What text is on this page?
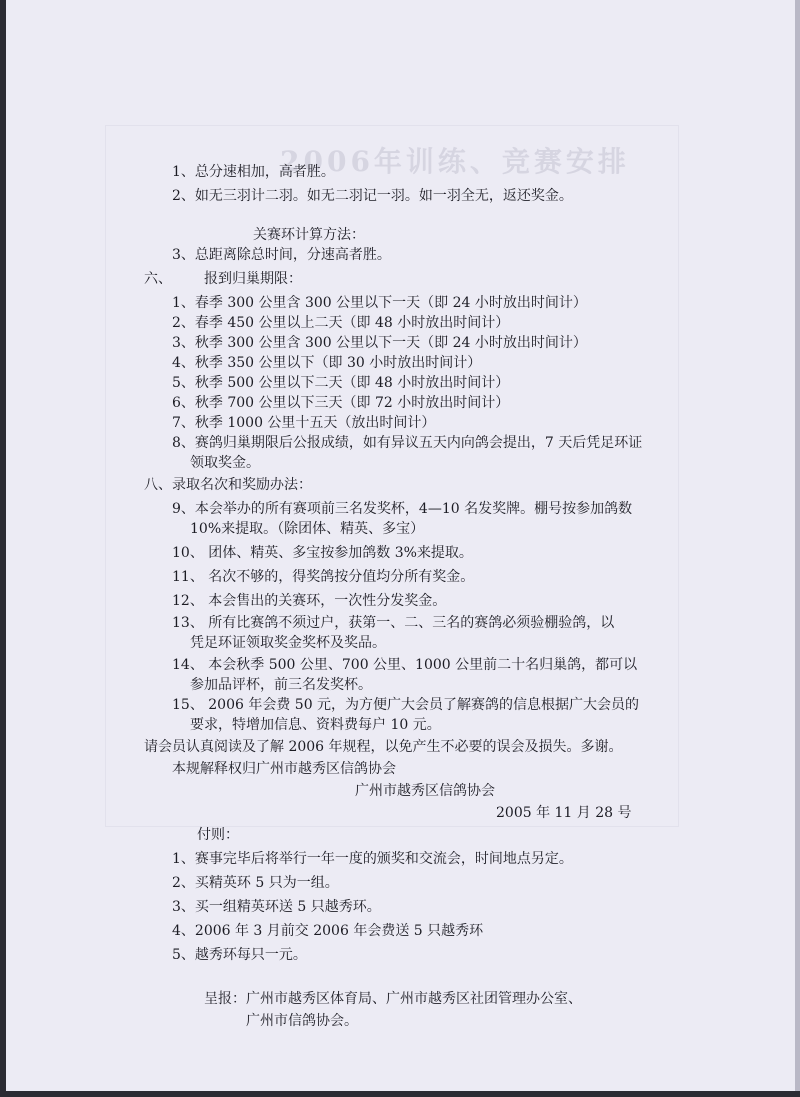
2006年训练、竞赛安排
1、总分速相加，高者胜。
2、如无三羽计二羽。如无二羽记一羽。如一羽全无，返还奖金。
关赛环计算方法：
3、总距离除总时间，分速高者胜。
六、 报到归巢期限：
1、春季 300 公里含 300 公里以下一天（即 24 小时放出时间计）
2、春季 450 公里以上二天（即 48 小时放出时间计）
3、秋季 300 公里含 300 公里以下一天（即 24 小时放出时间计）
4、秋季 350 公里以下（即 30 小时放出时间计）
5、秋季 500 公里以下二天（即 48 小时放出时间计）
6、秋季 700 公里以下三天（即 72 小时放出时间计）
7、秋季 1000 公里十五天（放出时间计）
8、赛鸽归巢期限后公报成绩，如有异议五天内向鸽会提出，7 天后凭足环证
领取奖金。
八、录取名次和奖励办法：
9、本会举办的所有赛项前三名发奖杯，4—10 名发奖牌。棚号按参加鸽数
10%来提取。（除团体、精英、多宝）
10、 团体、精英、多宝按参加鸽数 3%来提取。
11、 名次不够的，得奖鸽按分值均分所有奖金。
12、 本会售出的关赛环，一次性分发奖金。
13、 所有比赛鸽不须过户，获第一、二、三名的赛鸽必须验棚验鸽，以
凭足环证领取奖金奖杯及奖品。
14、 本会秋季 500 公里、700 公里、1000 公里前二十名归巢鸽，都可以
参加品评杯，前三名发奖杯。
15、 2006 年会费 50 元，为方便广大会员了解赛鸽的信息根据广大会员的
要求，特增加信息、资料费每户 10 元。
请会员认真阅读及了解 2006 年规程，以免产生不必要的误会及损失。多谢。
本规解释权归广州市越秀区信鸽协会
广州市越秀区信鸽协会
2005 年 11 月 28 号
付则：
1、赛事完毕后将举行一年一度的颁奖和交流会，时间地点另定。
2、买精英环 5 只为一组。
3、买一组精英环送 5 只越秀环。
4、2006 年 3 月前交 2006 年会费送 5 只越秀环
5、越秀环每只一元。
呈报：广州市越秀区体育局、广州市越秀区社团管理办公室、
广州市信鸽协会。
